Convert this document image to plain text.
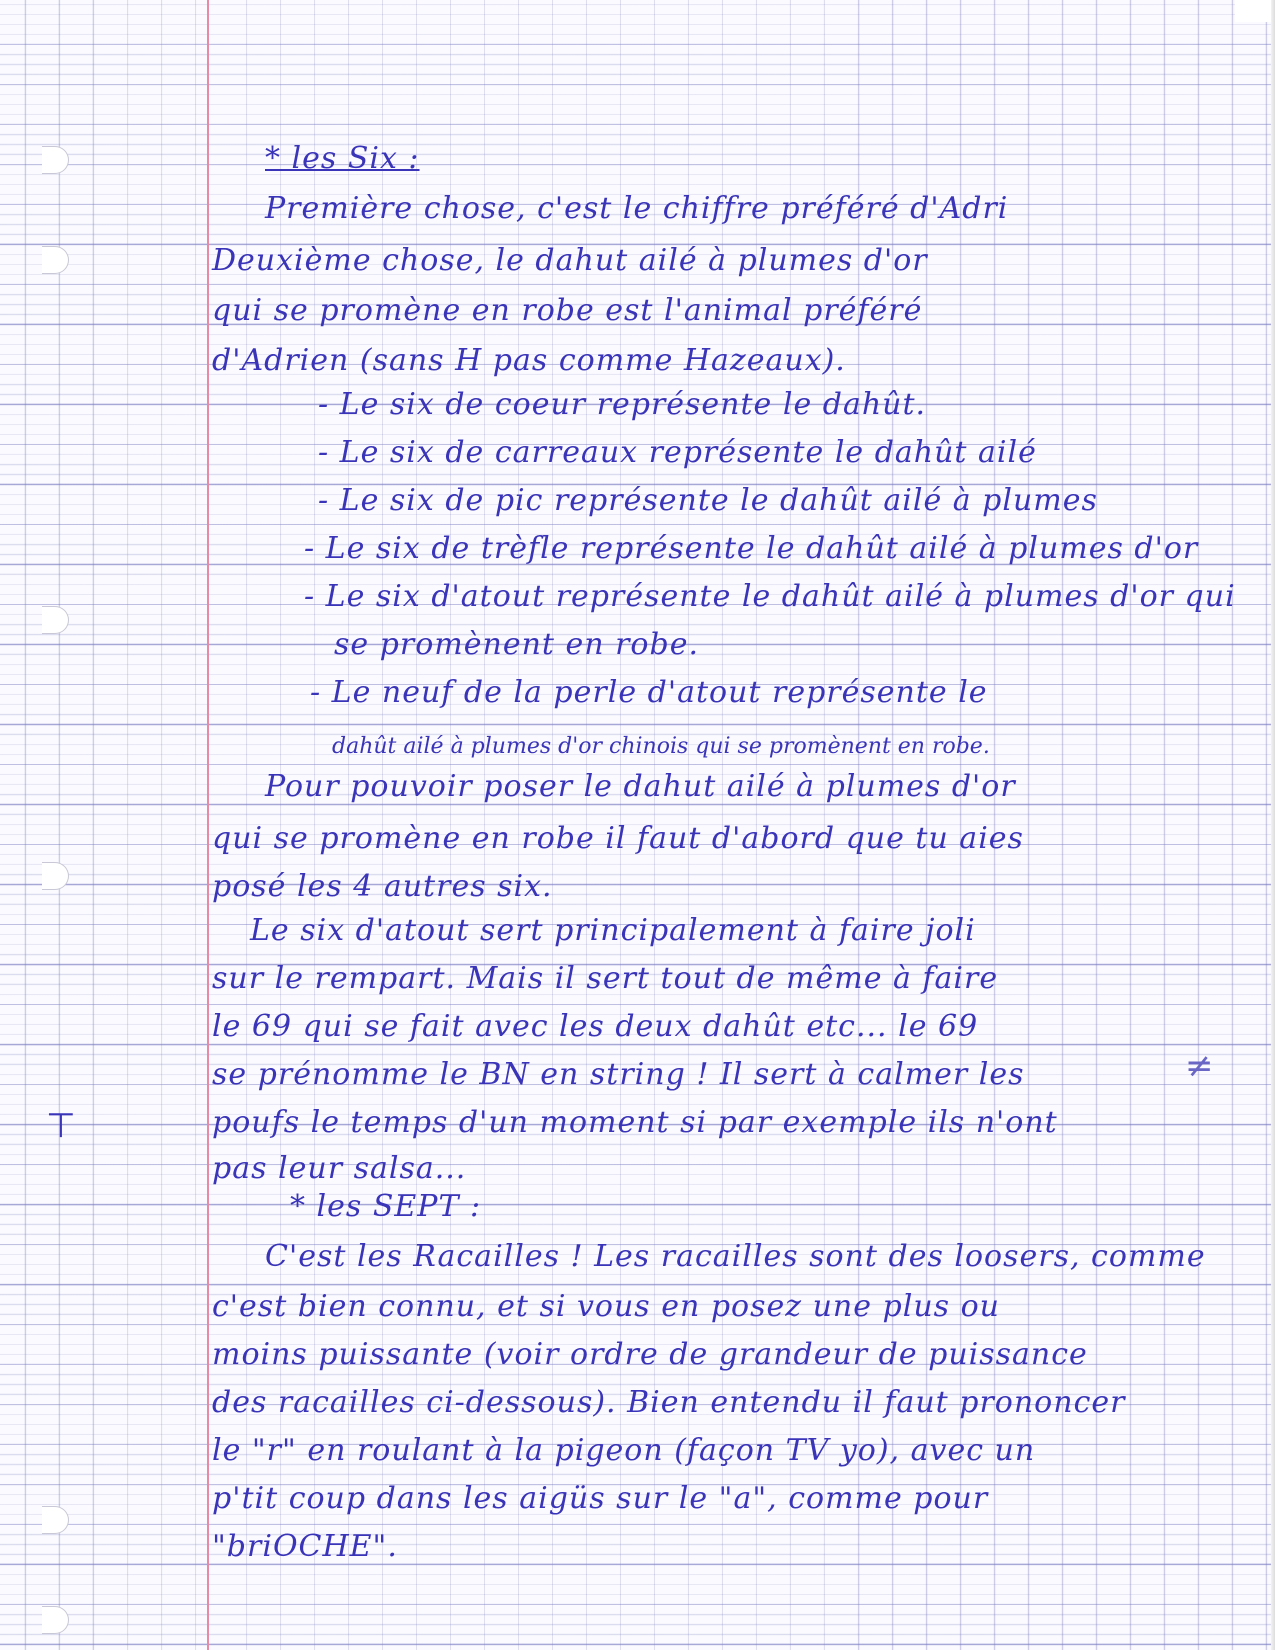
⊤
≠
* les Six :
Première chose, c'est le chiffre préféré d'Adri
Deuxième chose, le dahut ailé à plumes d'or
qui se promène en robe est l'animal préféré
d'Adrien (sans H pas comme Hazeaux).
- Le six de coeur représente le dahût.
- Le six de carreaux représente le dahût ailé
- Le six de pic représente le dahût ailé à plumes
- Le six de trèfle représente le dahût ailé à plumes d'or
- Le six d'atout représente le dahût ailé à plumes d'or qui
se promènent en robe.
- Le neuf de la perle d'atout représente le
dahût ailé à plumes d'or chinois qui se promènent en robe.
Pour pouvoir poser le dahut ailé à plumes d'or
qui se promène en robe il faut d'abord que tu aies
posé les 4 autres six.
Le six d'atout sert principalement à faire joli
sur le rempart. Mais il sert tout de même à faire
le 69 qui se fait avec les deux dahût etc... le 69
se prénomme le BN en string ! Il sert à calmer les
poufs le temps d'un moment si par exemple ils n'ont
pas leur salsa...
* les SEPT :
C'est les Racailles ! Les racailles sont des loosers, comme
c'est bien connu, et si vous en posez une plus ou
moins puissante (voir ordre de grandeur de puissance
des racailles ci-dessous). Bien entendu il faut prononcer
le "r" en roulant à la pigeon (façon TV yo), avec un
p'tit coup dans les aigüs sur le "a", comme pour
"briOCHE".
